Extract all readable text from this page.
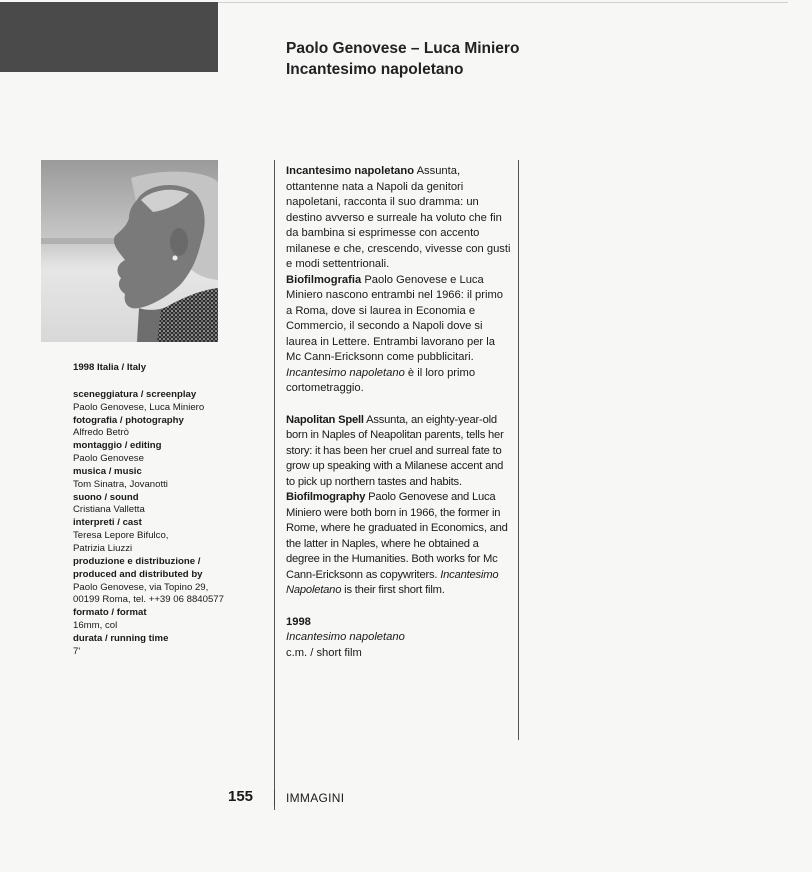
Paolo Genovese – Luca Miniero
Incantesimo napoletano
1998 Italia / Italy
sceneggiatura / screenplay
Paolo Genovese, Luca Miniero
fotografia / photography
Alfredo Betrò
montaggio / editing
Paolo Genovese
musica / music
Tom Sinatra, Jovanotti
suono / sound
Cristiana Valletta
interpreti / cast
Teresa Lepore Bifulco,
Patrizia Liuzzi
produzione e distribuzione /
produced and distributed by
Paolo Genovese, via Topino 29,
00199 Roma, tel. ++39 06 8840577
formato / format
16mm, col
durata / running time
7'

Incantesimo napoletano Assunta, ottantenne nata a Napoli da genitori napoletani, racconta il suo dramma: un destino avverso e surreale ha voluto che fin da bambina si esprimesse con accento milanese e che, crescendo, vivesse con gusti e modi settentrionali.

Biofilmografia Paolo Genovese e Luca Miniero nascono entrambi nel 1966: il primo a Roma, dove si laurea in Economia e Commercio, il secondo a Napoli dove si laurea in Lettere. Entrambi lavorano per la Mc Cann-Ericksonn come pubblicitari. Incantesimo napoletano è il loro primo cortometraggio.

Napolitan Spell Assunta, an eighty-year-old born in Naples of Neapolitan parents, tells her story: it has been her cruel and surreal fate to grow up speaking with a Milanese accent and to pick up northern tastes and habits.

Biofilmography Paolo Genovese and Luca Miniero were both born in 1966, the former in Rome, where he graduated in Economics, and the latter in Naples, where he obtained a degree in the Humanities. Both works for Mc Cann-Ericksonn as copywriters. Incantesimo Napoletano is their first short film.

1998

Incantesimo napoletano

c.m. / short film

155	IMMAGINI
